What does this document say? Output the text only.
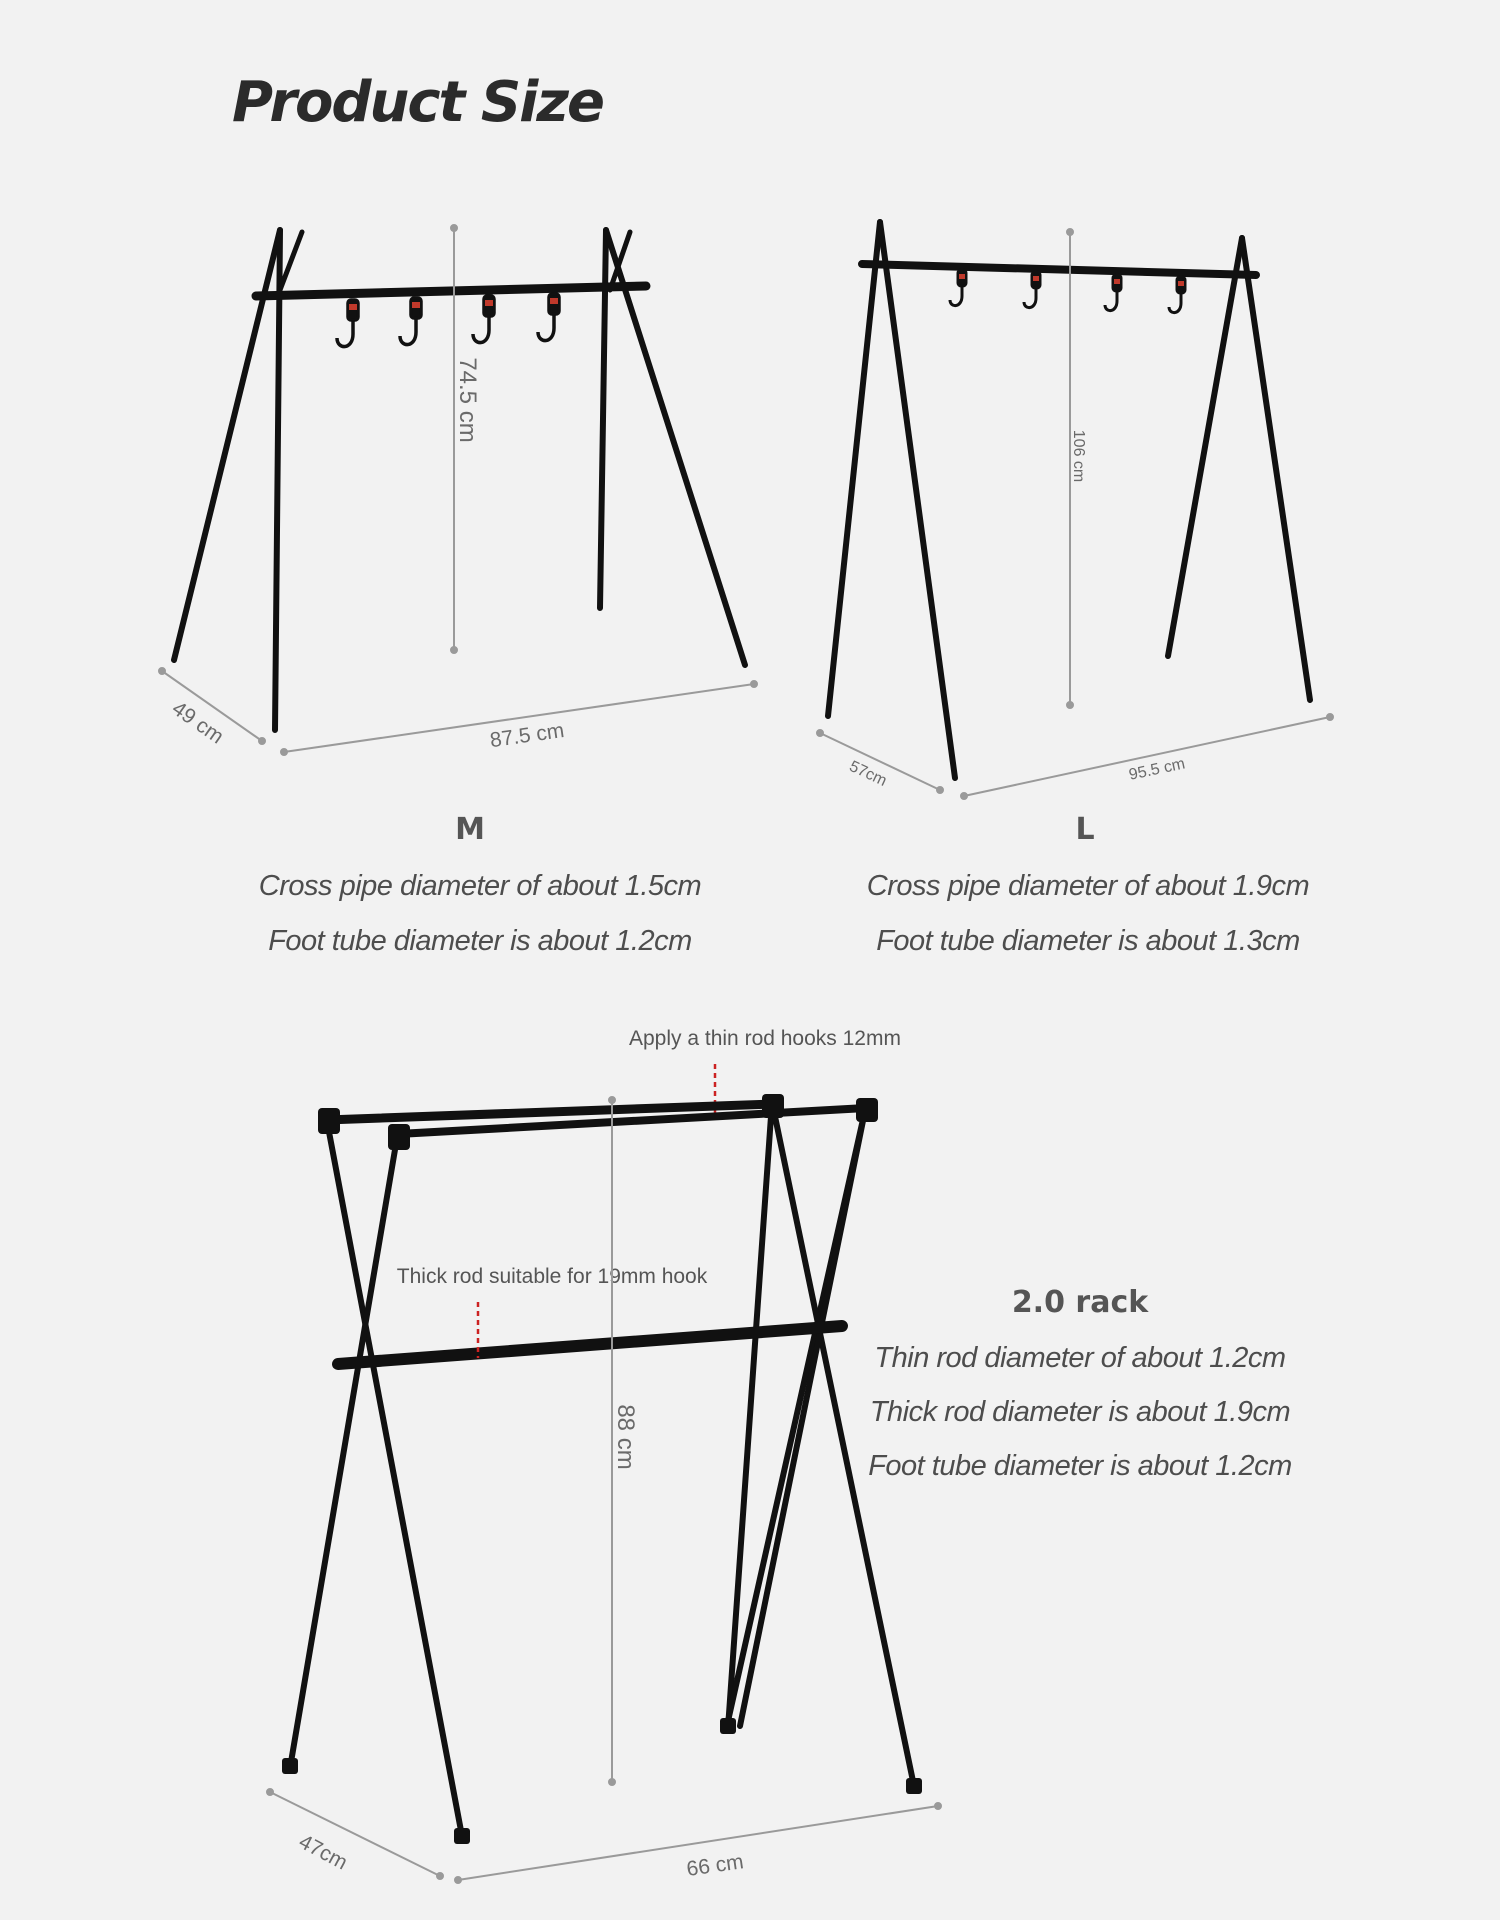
Product Size
74.5 cm
49 cm	87.5 cm
M
Cross pipe diameter of about 1.5cm
Foot tube diameter is about 1.2cm
106 cm
57cm	95.5 cm
L
Cross pipe diameter of about 1.9cm
Foot tube diameter is about 1.3cm
Apply a thin rod hooks 12mm
Thick rod suitable for 19mm hook
88 cm
47cm	66 cm
2.0 rack
Thin rod diameter of about 1.2cm
Thick rod diameter is about 1.9cm
Foot tube diameter is about 1.2cm
